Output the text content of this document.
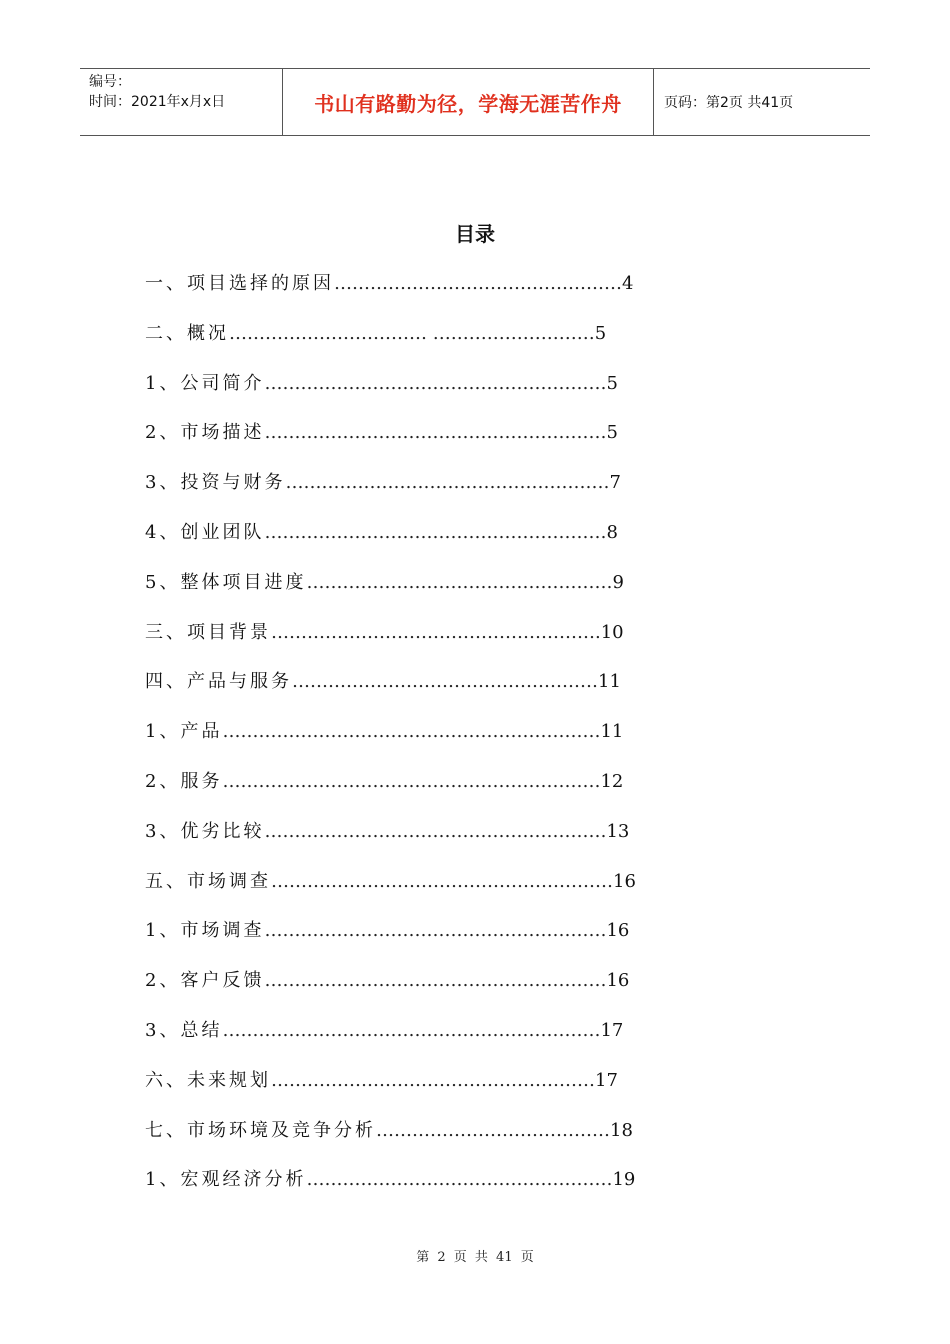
编号：
时间：2021年x月x日	书山有路勤为径，学海无涯苦作舟	页码：第2页 共41页
目录
一、项目选择的原因 ………………………………………… 4
二、概况 …………………………… ……………………… 5
1、公司简介 ………………………………………………… 5
2、市场描述 ………………………………………………… 5
3、投资与财务 ……………………………………………… 7
4、创业团队 ………………………………………………… 8
5、整体项目进度 …………………………………………… 9
三、项目背景 ………………………………………………. 10
四、产品与服务 …………………………………………… 11
1、产品 ……………………………………………………… 11
2、服务 ……………………………………………………… 12
3、优劣比较 ………………………………………………… 13
五、市场调查 ………………………………………………… 16
1、市场调查 ………………………………………………… 16
2、客户反馈 ………………………………………………… 16
3、总结 ……………………………………………………… 17
六、未来规划 ……………………………………………… 17
七、市场环境及竞争分析 ………………………………… 18
1、宏观经济分析 …………………………………………… 19
第 2 页 共 41 页
